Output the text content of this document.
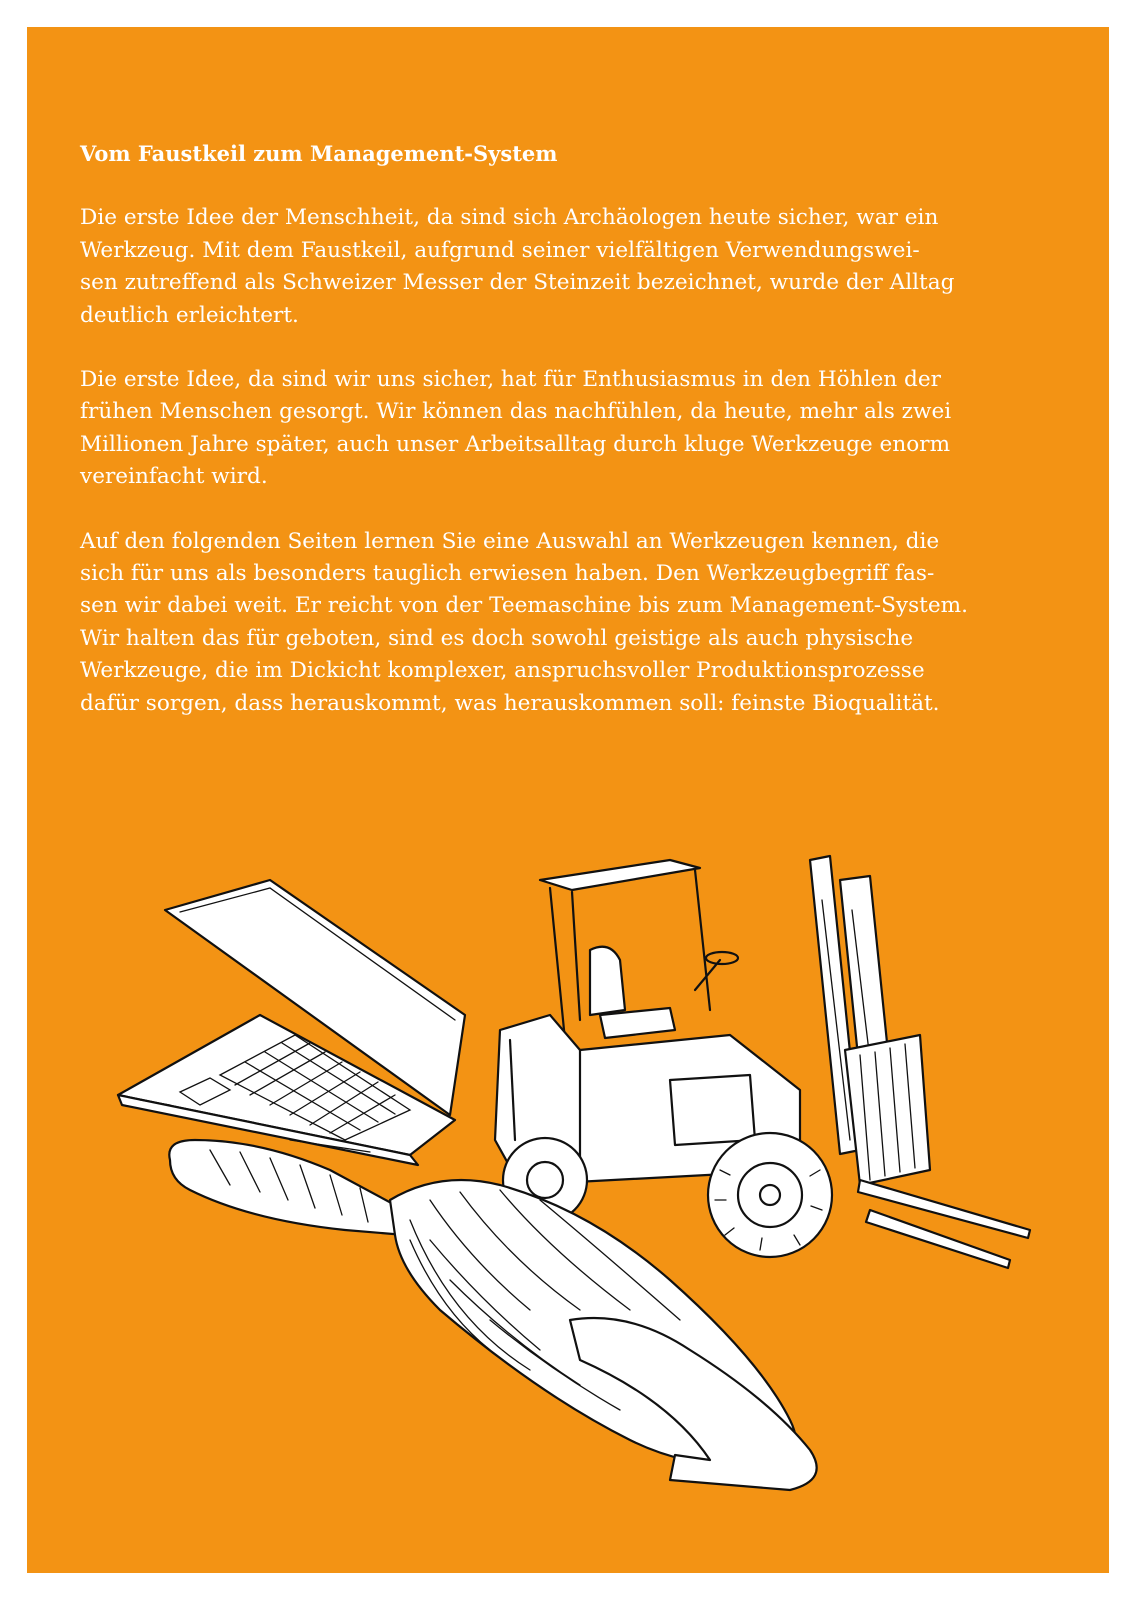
Vom Faustkeil zum Management-System
Die erste Idee der Menschheit, da sind sich Archäologen heute sicher, war ein
Werkzeug. Mit dem Faustkeil, aufgrund seiner vielfältigen Verwendungswei-
sen zutreffend als Schweizer Messer der Steinzeit bezeichnet, wurde der Alltag
deutlich erleichtert.
Die erste Idee, da sind wir uns sicher, hat für Enthusiasmus in den Höhlen der
frühen Menschen gesorgt. Wir können das nachfühlen, da heute, mehr als zwei
Millionen Jahre später, auch unser Arbeitsalltag durch kluge Werkzeuge enorm
vereinfacht wird.
Auf den folgenden Seiten lernen Sie eine Auswahl an Werkzeugen kennen, die
sich für uns als besonders tauglich erwiesen haben. Den Werkzeugbegriff fas-
sen wir dabei weit. Er reicht von der Teemaschine bis zum Management-System.
Wir halten das für geboten, sind es doch sowohl geistige als auch physische
Werkzeuge, die im Dickicht komplexer, anspruchsvoller Produktionsprozesse
dafür sorgen, dass herauskommt, was herauskommen soll: feinste Bioqualität.
